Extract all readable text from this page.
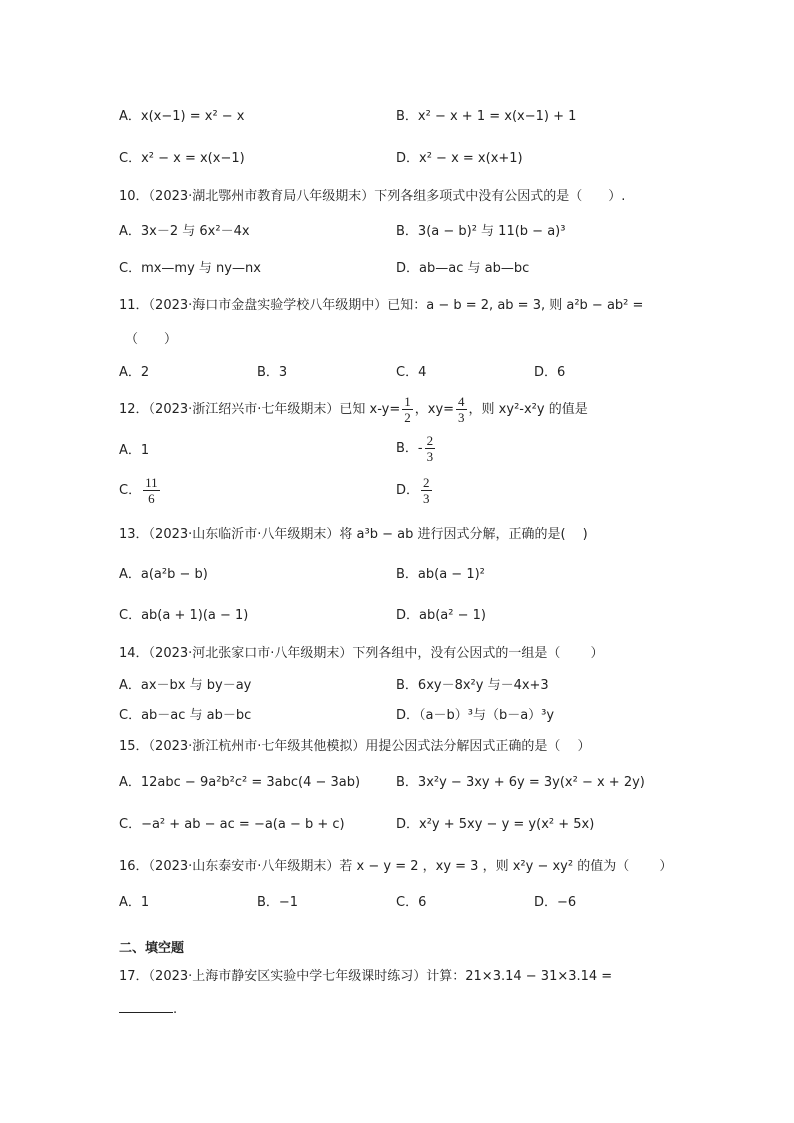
A．x(x−1) = x² − x	B．x² − x + 1 = x(x−1) + 1
C．x² − x = x(x−1)	D．x² − x = x(x+1)
10．（2023·湖北鄂州市教育局八年级期末）下列各组多项式中没有公因式的是（　　）.
A．3x－2 与 6x²－4x	B．3(a − b)² 与 11(b − a)³
C．mx—my 与 ny—nx	D．ab—ac 与 ab—bc
11．（2023·海口市金盘实验学校八年级期中）已知：a − b = 2, ab = 3, 则 a²b − ab² =
（　　）
A．2	B．3	C．4	D．6
12．（2023·浙江绍兴市·七年级期末）已知 $x-y= \frac{1}{2}$ ，$xy= \frac{4}{3}$ ，则 xy²-x²y 的值是
A．1	B．- $\frac{2}{3}$
C． $\frac{11}{6}$	D． $\frac{2}{3}$
13．（2023·山东临沂市·八年级期末）将 a³b − ab 进行因式分解，正确的是(　 )
A．a(a²b − b)	B．ab(a − 1)²
C．ab(a + 1)(a − 1)	D．ab(a² − 1)
14．（2023·河北张家口市·八年级期末）下列各组中，没有公因式的一组是（　　 ）
A．ax－bx 与 by－ay	B．6xy－8x²y 与－4x+3
C．ab－ac 与 ab－bc	D．（a－b）³与（b－a）³y
15．（2023·浙江杭州市·七年级其他模拟）用提公因式法分解因式正确的是（　 ）
A．12abc − 9a²b²c² = 3abc(4 − 3ab)	B．3x²y − 3xy + 6y = 3y(x² − x + 2y)
C．−a² + ab − ac = −a(a − b + c)	D．x²y + 5xy − y = y(x² + 5x)
16．（2023·山东泰安市·八年级期末）若 x − y = 2 ，xy = 3 ，则 x²y − xy² 的值为（　　 ）
A．1	B．−1	C．6	D．−6
二、填空题
17．（2023·上海市静安区实验中学七年级课时练习）计算：21×3.14 − 31×3.14 =
.
